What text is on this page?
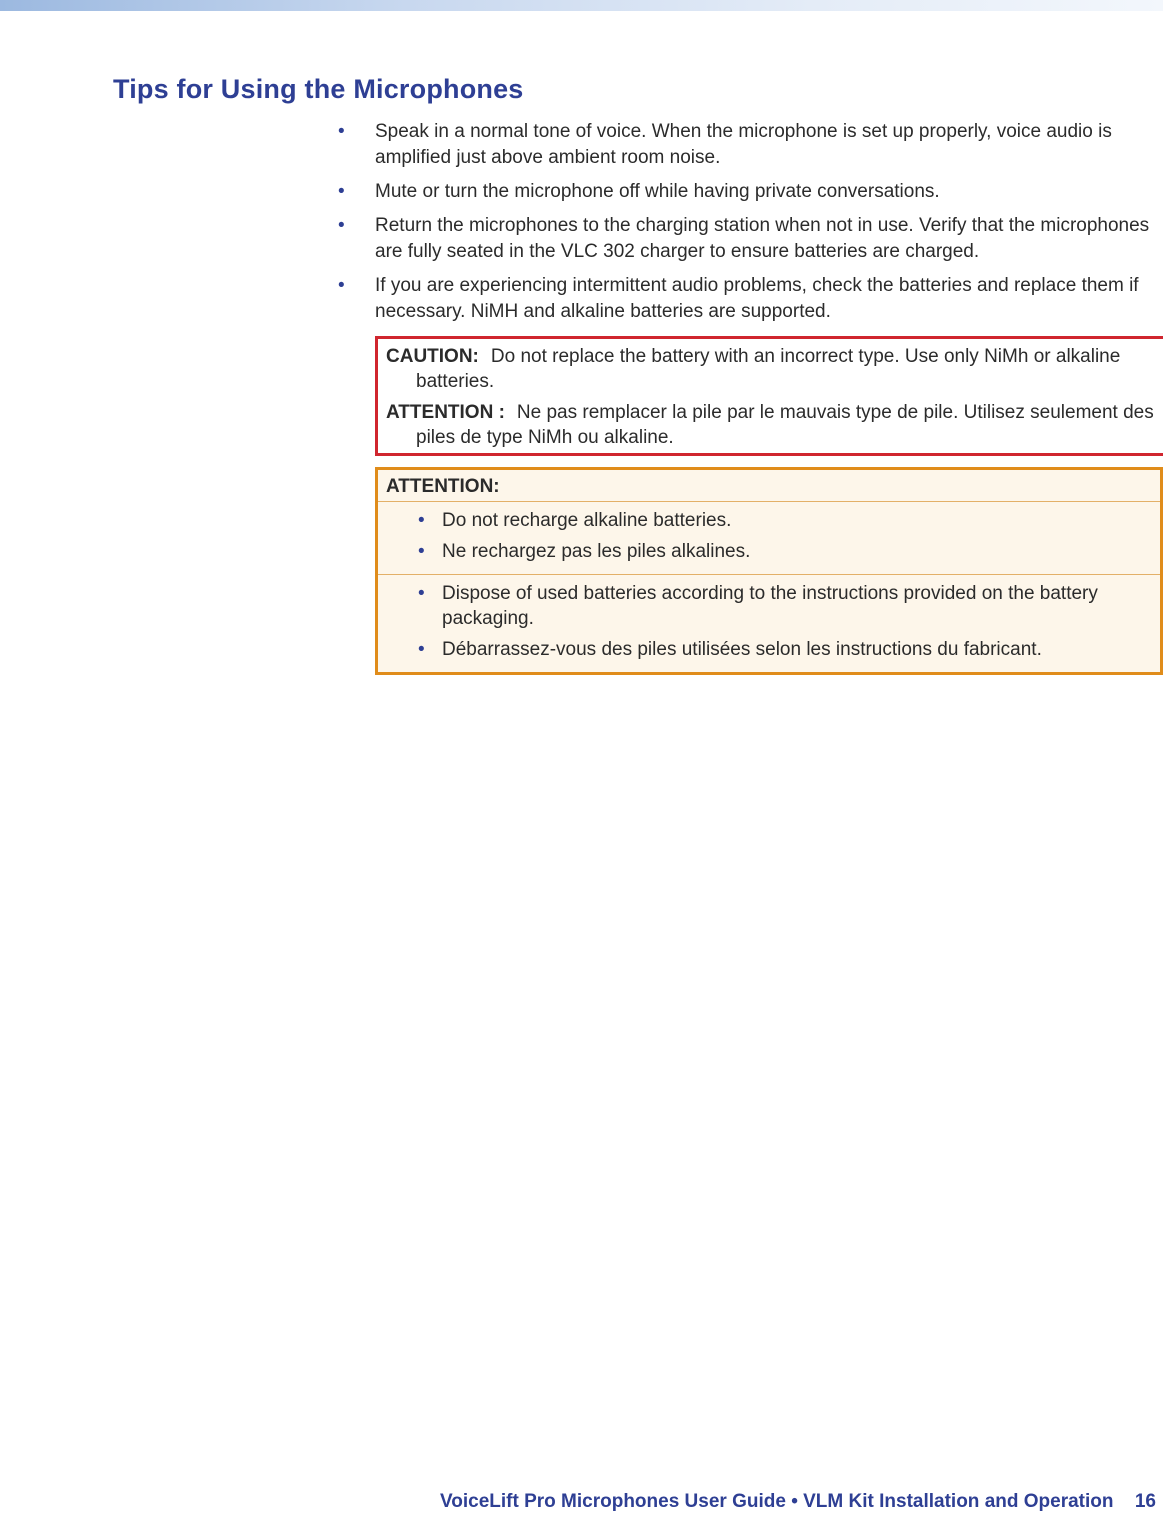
Tips for Using the Microphones
• Speak in a normal tone of voice. When the microphone is set up properly, voice audio is amplified just above ambient room noise.
• Mute or turn the microphone off while having private conversations.
• Return the microphones to the charging station when not in use. Verify that the microphones are fully seated in the VLC 302 charger to ensure batteries are charged.
• If you are experiencing intermittent audio problems, check the batteries and replace them if necessary. NiMH and alkaline batteries are supported.
CAUTION: Do not replace the battery with an incorrect type. Use only NiMh or alkaline batteries.
ATTENTION : Ne pas remplacer la pile par le mauvais type de pile. Utilisez seulement des piles de type NiMh ou alkaline.
ATTENTION:
• Do not recharge alkaline batteries.
• Ne rechargez pas les piles alkalines.
• Dispose of used batteries according to the instructions provided on the battery packaging.
• Débarrassez-vous des piles utilisées selon les instructions du fabricant.
VoiceLift Pro Microphones User Guide • VLM Kit Installation and Operation 16
